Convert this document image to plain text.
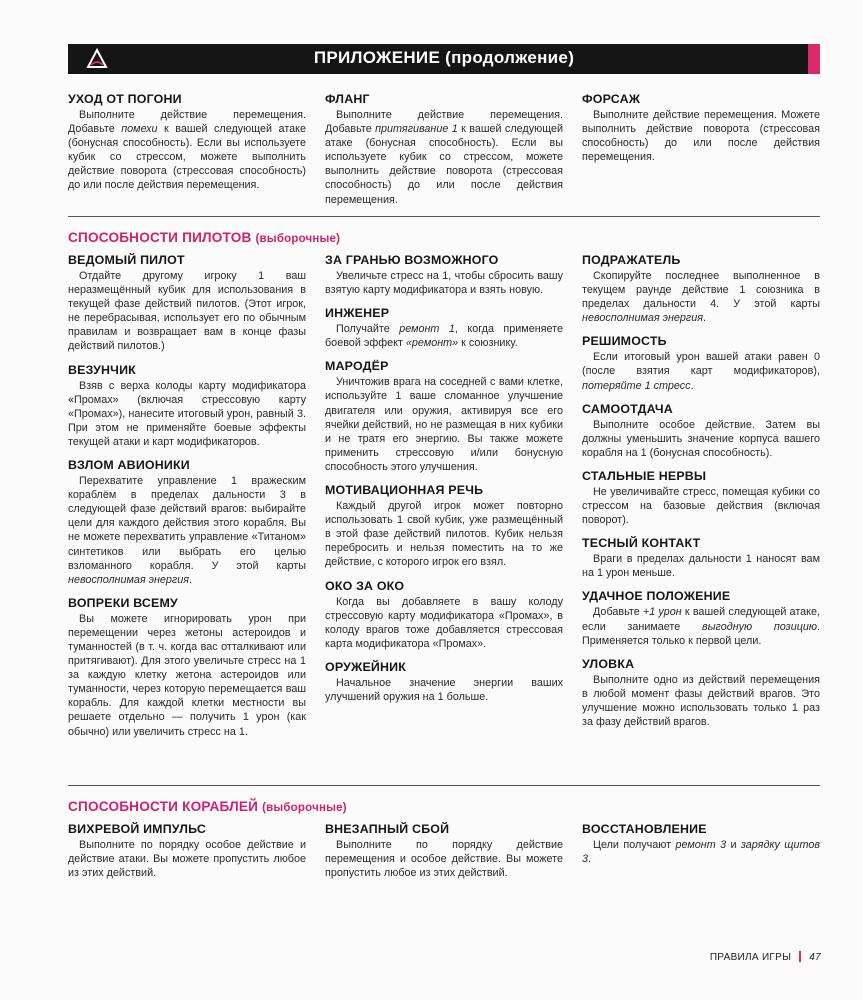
ПРИЛОЖЕНИЕ (продолжение)
УХОД ОТ ПОГОНИ

Выполните действие перемещения. Добавьте помехи к вашей следующей атаке (бонусная способность). Если вы используете кубик со стрессом, можете выполнить действие поворота (стрессовая способность) до или после действия перемещения.

ФЛАНГ

Выполните действие перемещения. Добавьте притягивание 1 к вашей следующей атаке (бонусная способность). Если вы используете кубик со стрессом, можете выполнить действие поворота (стрессовая способность) до или после действия перемещения.

ФОРСАЖ

Выполните действие перемещения. Можете выполнить действие поворота (стрессовая способность) до или после действия перемещения.

СПОСОБНОСТИ ПИЛОТОВ (выборочные)
ВЕДОМЫЙ ПИЛОТ

Отдайте другому игроку 1 ваш неразмещённый кубик для использования в текущей фазе действий пилотов. (Этот игрок, не перебрасывая, использует его по обычным правилам и возвращает вам в конце фазы действий пилотов.)

ВЕЗУНЧИК

Взяв с верха колоды карту модификатора «Промах» (включая стрессовую карту «Промах»), нанесите итоговый урон, равный 3. При этом не применяйте боевые эффекты текущей атаки и карт модификаторов.

ВЗЛОМ АВИОНИКИ

Перехватите управление 1 вражеским кораблём в пределах дальности 3 в следующей фазе действий врагов: выбирайте цели для каждого действия этого корабля. Вы не можете перехватить управление «Титаном» синтетиков или выбрать его целью взломанного корабля. У этой карты невосполнимая энергия.

ВОПРЕКИ ВСЕМУ

Вы можете игнорировать урон при перемещении через жетоны астероидов и туманностей (в т. ч. когда вас отталкивают или притягивают). Для этого увеличьте стресс на 1 за каждую клетку жетона астероидов или туманности, через которую перемещается ваш корабль. Для каждой клетки местности вы решаете отдельно — получить 1 урон (как обычно) или увеличить стресс на 1.

ЗА ГРАНЬЮ ВОЗМОЖНОГО

Увеличьте стресс на 1, чтобы сбросить вашу взятую карту модификатора и взять новую.

ИНЖЕНЕР

Получайте ремонт 1, когда применяете боевой эффект «ремонт» к союзнику.

МАРОДЁР

Уничтожив врага на соседней с вами клетке, используйте 1 ваше сломанное улучшение двигателя или оружия, активируя все его ячейки действий, но не размещая в них кубики и не тратя его энергию. Вы также можете применить стрессовую и/или бонусную способность этого улучшения.

МОТИВАЦИОННАЯ РЕЧЬ

Каждый другой игрок может повторно использовать 1 свой кубик, уже размещённый в этой фазе действий пилотов. Кубик нельзя перебросить и нельзя поместить на то же действие, с которого игрок его взял.

ОКО ЗА ОКО

Когда вы добавляете в вашу колоду стрессовую карту модификатора «Промах», в колоду врагов тоже добавляется стрессовая карта модификатора «Промах».

ОРУЖЕЙНИК

Начальное значение энергии ваших улучшений оружия на 1 больше.

ПОДРАЖАТЕЛЬ

Скопируйте последнее выполненное в текущем раунде действие 1 союзника в пределах дальности 4. У этой карты невосполнимая энергия.

РЕШИМОСТЬ

Если итоговый урон вашей атаки равен 0 (после взятия карт модификаторов), потеряйте 1 стресс.

САМООТДАЧА

Выполните особое действие. Затем вы должны уменьшить значение корпуса вашего корабля на 1 (бонусная способность).

СТАЛЬНЫЕ НЕРВЫ

Не увеличивайте стресс, помещая кубики со стрессом на базовые действия (включая поворот).

ТЕСНЫЙ КОНТАКТ

Враги в пределах дальности 1 наносят вам на 1 урон меньше.

УДАЧНОЕ ПОЛОЖЕНИЕ

Добавьте +1 урон к вашей следующей атаке, если занимаете выгодную позицию. Применяется только к первой цели.

УЛОВКА

Выполните одно из действий перемещения в любой момент фазы действий врагов. Это улучшение можно использовать только 1 раз за фазу действий врагов.

СПОСОБНОСТИ КОРАБЛЕЙ (выборочные)
ВИХРЕВОЙ ИМПУЛЬС

Выполните по порядку особое действие и действие атаки. Вы можете пропустить любое из этих действий.

ВНЕЗАПНЫЙ СБОЙ

Выполните по порядку действие перемещения и особое действие. Вы можете пропустить любое из этих действий.

ВОССТАНОВЛЕНИЕ

Цели получают ремонт 3 и зарядку щитов 3.

ПРАВИЛА ИГРЫ 47
